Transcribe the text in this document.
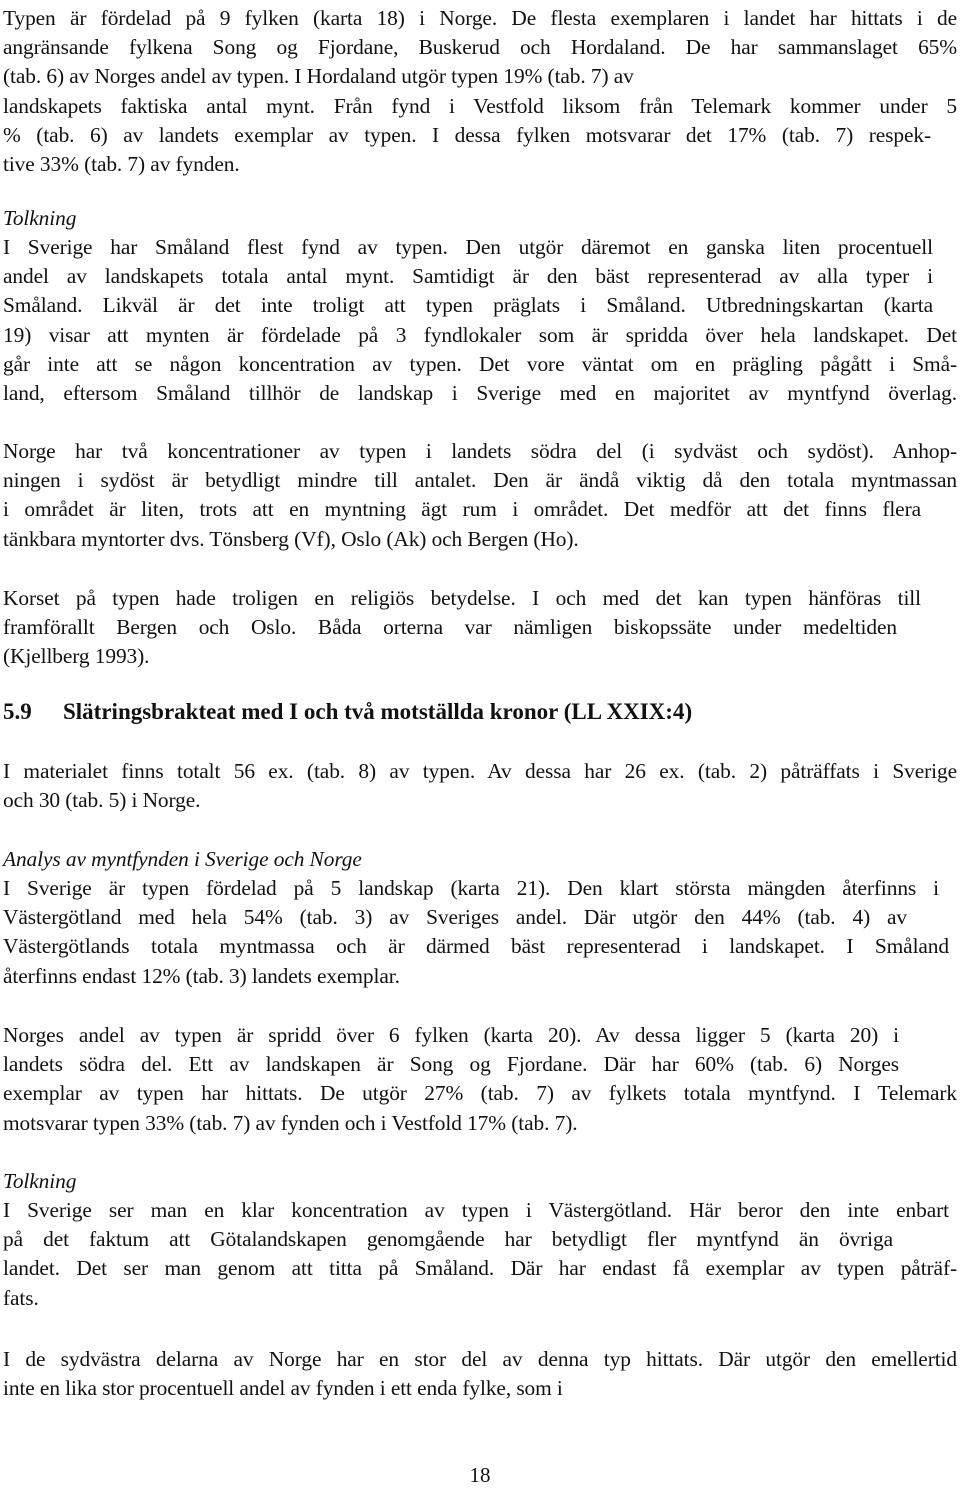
Typen är fördelad på 9 fylken (karta 18) i Norge. De flesta exemplaren i landet har hittats i de
angränsande fylkena Song og Fjordane, Buskerud och Hordaland. De har sammanslaget 65%
(tab. 6) av Norges andel av typen. I Hordaland utgör typen 19% (tab. 7) av
landskapets faktiska antal mynt. Från fynd i Vestfold liksom från Telemark kommer under 5
% (tab. 6) av landets exemplar av typen. I dessa fylken motsvarar det 17% (tab. 7) respek-
tive 33% (tab. 7) av fynden.
Tolkning
I Sverige har Småland flest fynd av typen. Den utgör däremot en ganska liten procentuell
andel av landskapets totala antal mynt. Samtidigt är den bäst representerad av alla typer i
Småland. Likväl är det inte troligt att typen präglats i Småland. Utbredningskartan (karta
19) visar att mynten är fördelade på 3 fyndlokaler som är spridda över hela landskapet. Det
går inte att se någon koncentration av typen. Det vore väntat om en prägling pågått i Små-
land, eftersom Småland tillhör de landskap i Sverige med en majoritet av myntfynd överlag.
Norge har två koncentrationer av typen i landets södra del (i sydväst och sydöst). Anhop-
ningen i sydöst är betydligt mindre till antalet. Den är ändå viktig då den totala myntmassan
i området är liten, trots att en myntning ägt rum i området. Det medför att det finns flera
tänkbara myntorter dvs. Tönsberg (Vf), Oslo (Ak) och Bergen (Ho).
Korset på typen hade troligen en religiös betydelse. I och med det kan typen hänföras till
framförallt Bergen och Oslo. Båda orterna var nämligen biskopssäte under medeltiden
(Kjellberg 1993).
5.9 Slätringsbrakteat med I och två motställda kronor (LL XXIX:4)
I materialet finns totalt 56 ex. (tab. 8) av typen. Av dessa har 26 ex. (tab. 2) påträffats i Sverige
och 30 (tab. 5) i Norge.
Analys av myntfynden i Sverige och Norge
I Sverige är typen fördelad på 5 landskap (karta 21). Den klart största mängden återfinns i
Västergötland med hela 54% (tab. 3) av Sveriges andel. Där utgör den 44% (tab. 4) av
Västergötlands totala myntmassa och är därmed bäst representerad i landskapet. I Småland
återfinns endast 12% (tab. 3) landets exemplar.
Norges andel av typen är spridd över 6 fylken (karta 20). Av dessa ligger 5 (karta 20) i
landets södra del. Ett av landskapen är Song og Fjordane. Där har 60% (tab. 6) Norges
exemplar av typen har hittats. De utgör 27% (tab. 7) av fylkets totala myntfynd. I Telemark
motsvarar typen 33% (tab. 7) av fynden och i Vestfold 17% (tab. 7).
Tolkning
I Sverige ser man en klar koncentration av typen i Västergötland. Här beror den inte enbart
på det faktum att Götalandskapen genomgående har betydligt fler myntfynd än övriga
landet. Det ser man genom att titta på Småland. Där har endast få exemplar av typen påträf-
fats.
I de sydvästra delarna av Norge har en stor del av denna typ hittats. Där utgör den emellertid
inte en lika stor procentuell andel av fynden i ett enda fylke, som i
18
